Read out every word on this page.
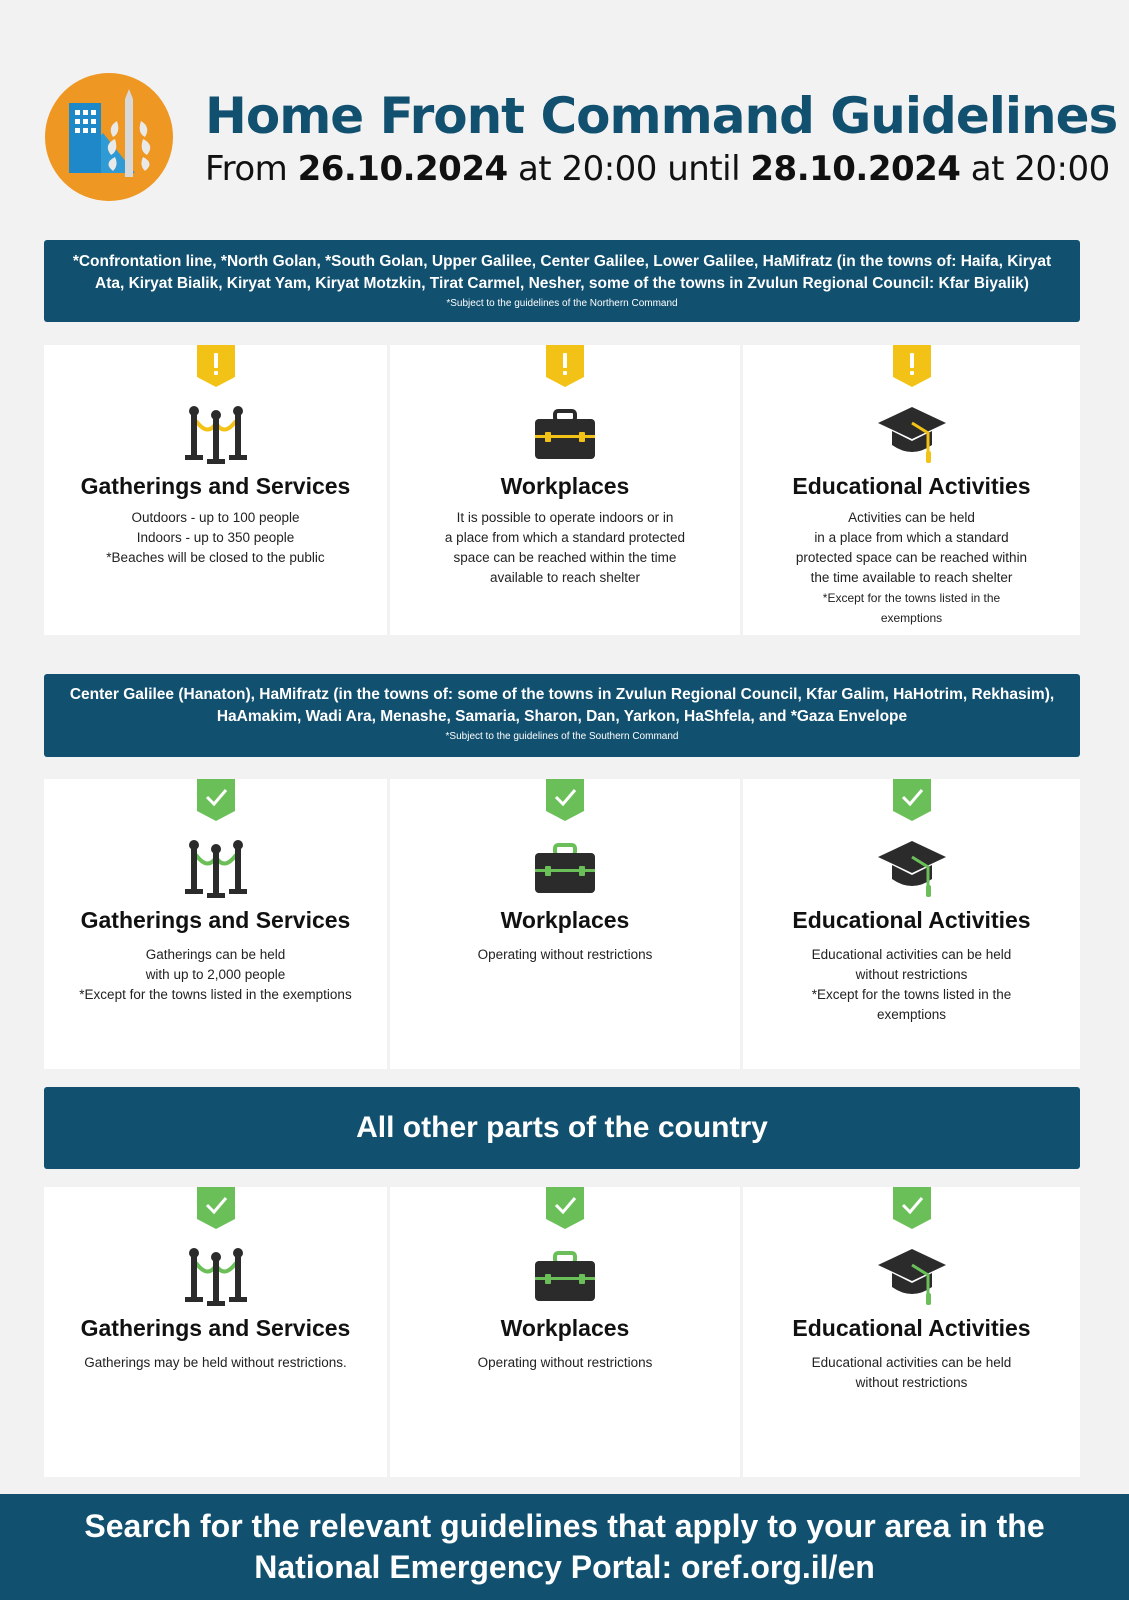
Home Front Command Guidelines

From 26.10.2024 at 20:00 until 28.10.2024 at 20:00

*Confrontation line, *North Golan, *South Golan, Upper Galilee, Center Galilee, Lower Galilee, HaMifratz (in the towns of: Haifa, Kiryat Ata, Kiryat Bialik, Kiryat Yam, Kiryat Motzkin, Tirat Carmel, Nesher, some of the towns in Zvulun Regional Council: Kfar Biyalik)
*Subject to the guidelines of the Northern Command
Gatherings and Services
Outdoors - up to 100 people
Indoors - up to 350 people
*Beaches will be closed to the public
Workplaces
It is possible to operate indoors or in
a place from which a standard protected
space can be reached within the time
available to reach shelter
Educational Activities
Activities can be held
in a place from which a standard
protected space can be reached within
the time available to reach shelter
*Except for the towns listed in the
exemptions
Center Galilee (Hanaton), HaMifratz (in the towns of: some of the towns in Zvulun Regional Council, Kfar Galim, HaHotrim, Rekhasim), HaAmakim, Wadi Ara, Menashe, Samaria, Sharon, Dan, Yarkon, HaShfela, and *Gaza Envelope
*Subject to the guidelines of the Southern Command
Gatherings and Services
Gatherings can be held
with up to 2,000 people
*Except for the towns listed in the exemptions
Workplaces
Operating without restrictions
Educational Activities
Educational activities can be held
without restrictions
*Except for the towns listed in the
exemptions
All other parts of the country
Gatherings and Services
Gatherings may be held without restrictions.
Workplaces
Operating without restrictions
Educational Activities
Educational activities can be held
without restrictions
Search for the relevant guidelines that apply to your area in the
National Emergency Portal: oref.org.il/en
